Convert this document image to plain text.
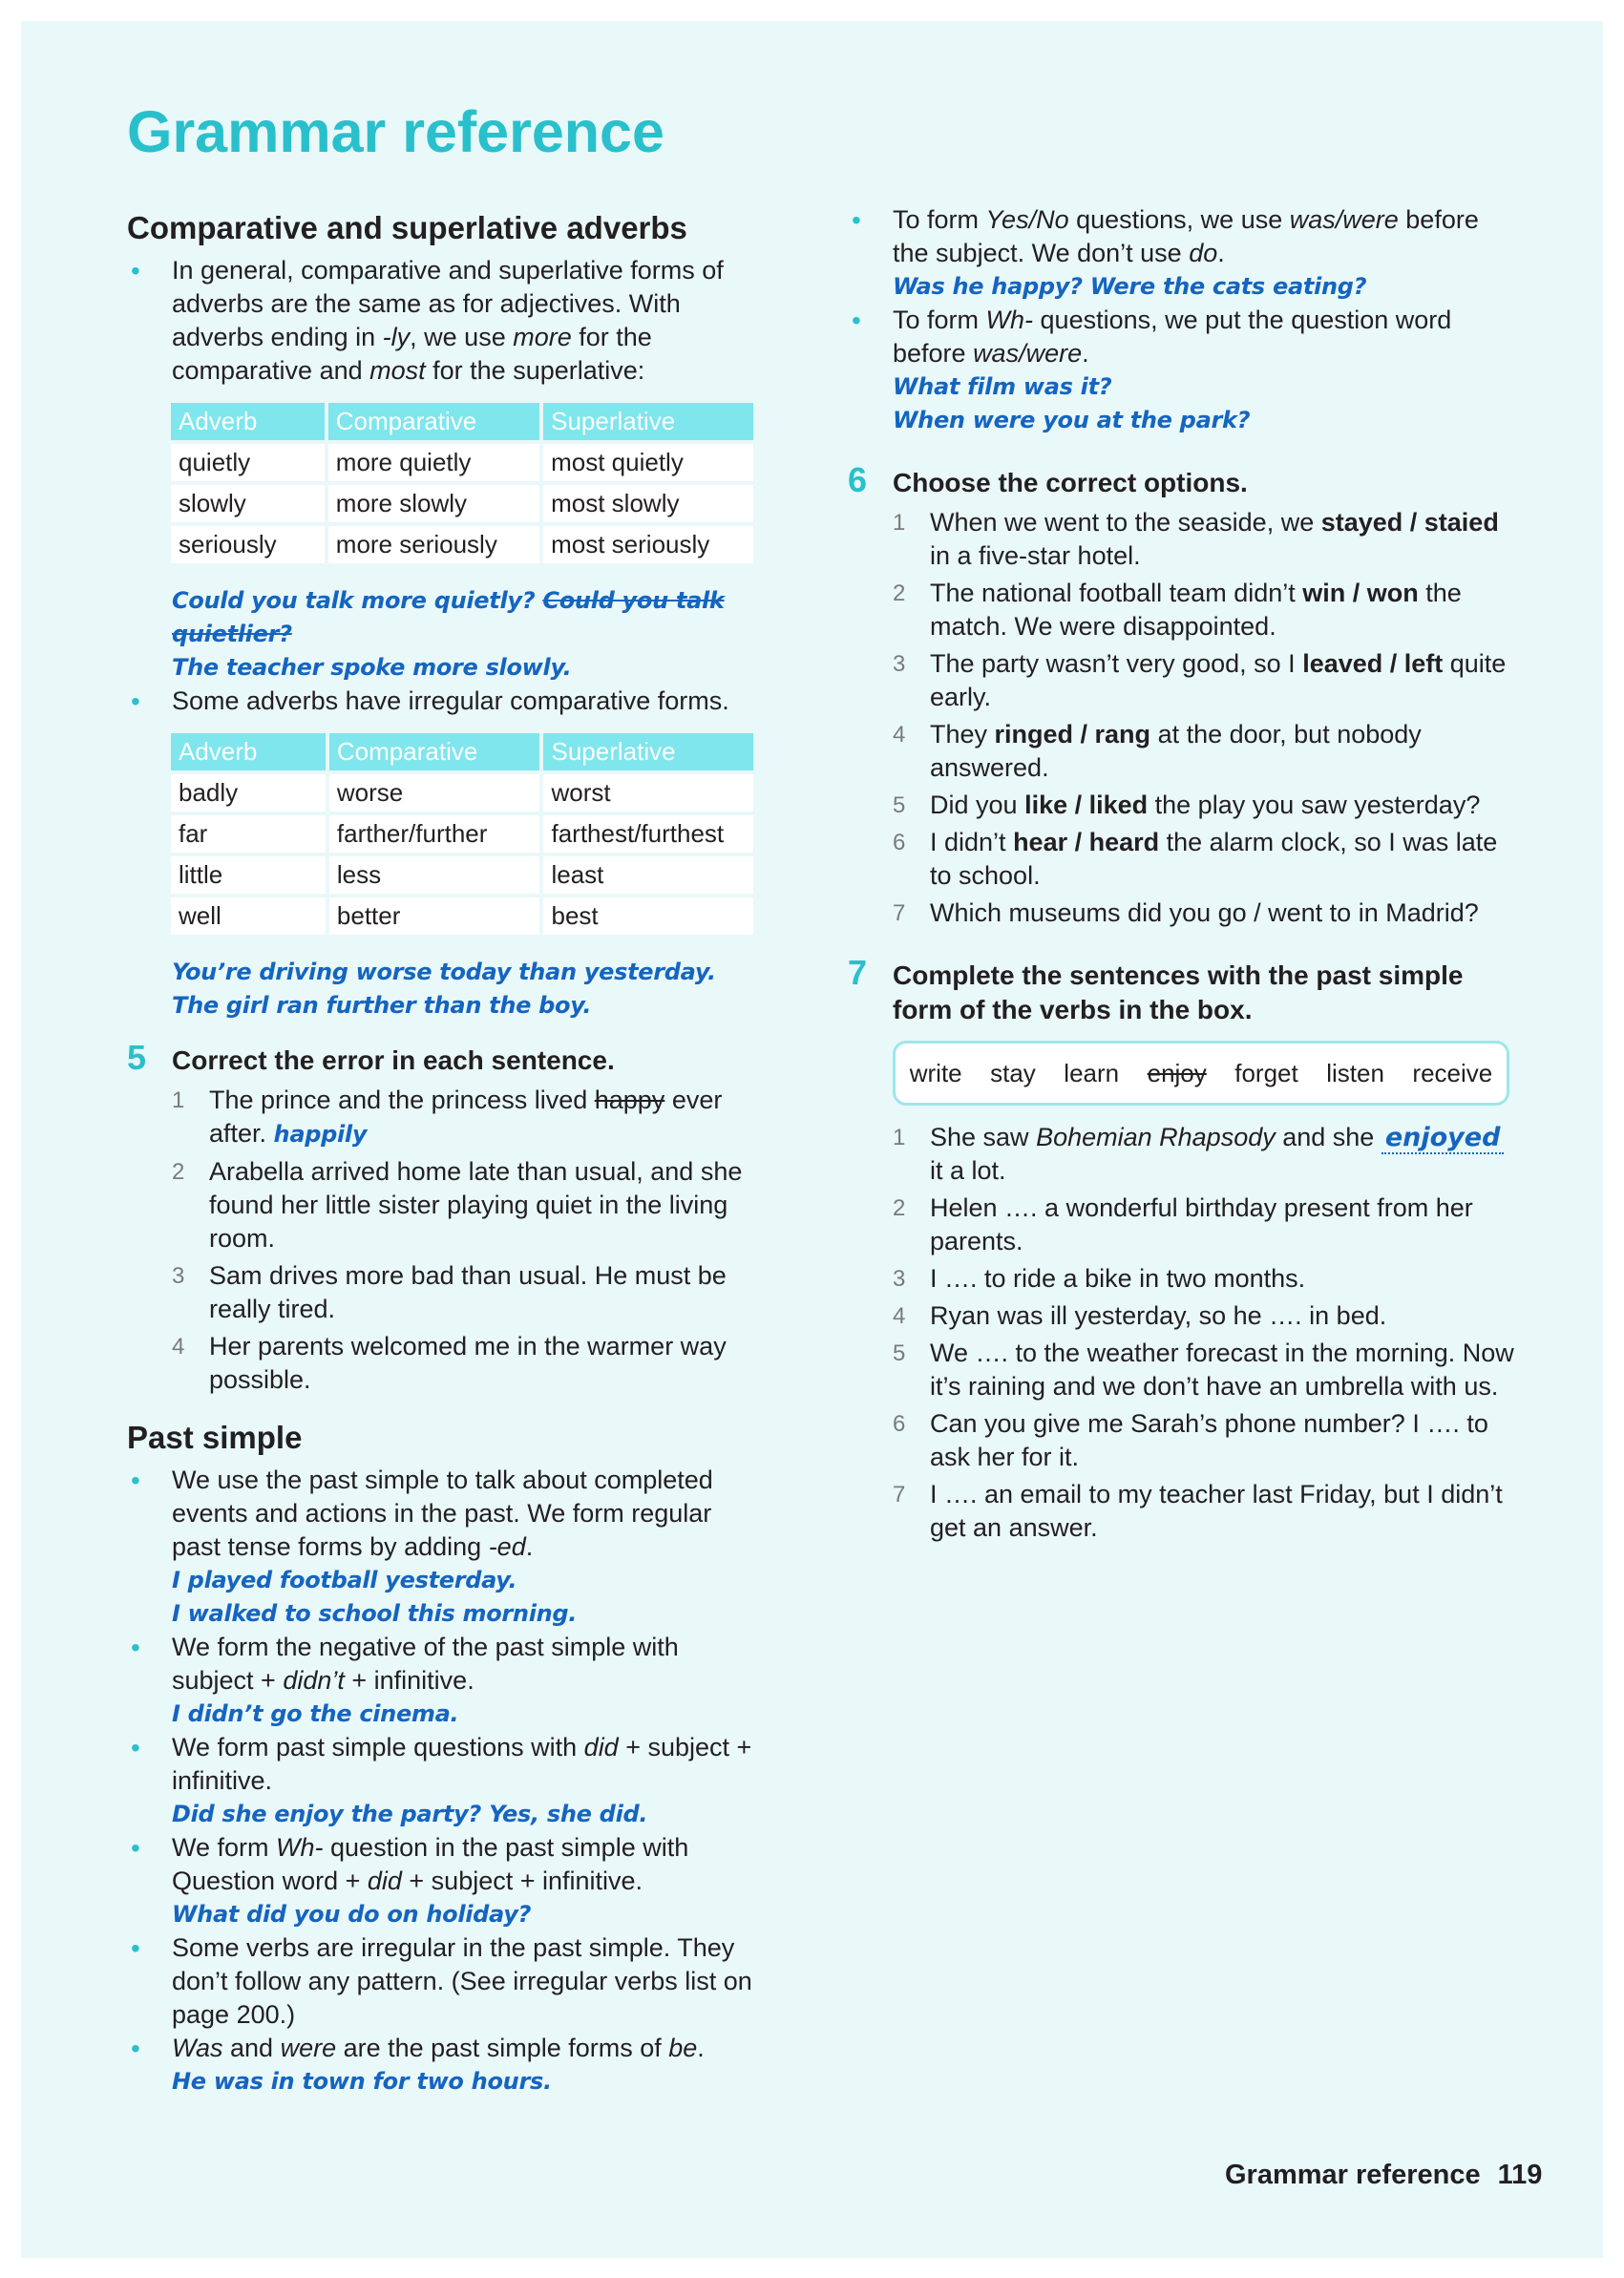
Grammar reference
Comparative and superlative adverbs
• In general, comparative and superlative forms of adverbs are the same as for adjectives. With adverbs ending in -ly, we use more for the comparative and most for the superlative:
Adverb	Comparative	Superlative
quietly	more quietly	most quietly
slowly	more slowly	most slowly
seriously	more seriously	most seriously
Could you talk more quietly? Could you talk quietlier?
The teacher spoke more slowly.
• Some adverbs have irregular comparative forms.
Adverb	Comparative	Superlative
badly	worse	worst
far	farther/further	farthest/furthest
little	less	least
well	better	best
You’re driving worse today than yesterday.
The girl ran further than the boy.
5 Correct the error in each sentence.
1 The prince and the princess lived happy ever after. happily
2 Arabella arrived home late than usual, and she found her little sister playing quiet in the living room.
3 Sam drives more bad than usual. He must be really tired.
4 Her parents welcomed me in the warmer way possible.
Past simple
• We use the past simple to talk about completed events and actions in the past. We form regular past tense forms by adding -ed.
I played football yesterday.
I walked to school this morning.
• We form the negative of the past simple with subject + didn’t + infinitive.
I didn’t go the cinema.
• We form past simple questions with did + subject + infinitive.
Did she enjoy the party? Yes, she did.
• We form Wh- question in the past simple with Question word + did + subject + infinitive.
What did you do on holiday?
• Some verbs are irregular in the past simple. They don’t follow any pattern. (See irregular verbs list on page 200.)
• Was and were are the past simple forms of be.
He was in town for two hours.
• To form Yes/No questions, we use was/were before the subject. We don’t use do.
Was he happy? Were the cats eating?
• To form Wh- questions, we put the question word before was/were.
What film was it?
When were you at the park?
6 Choose the correct options.
1 When we went to the seaside, we stayed / staied in a five-star hotel.
2 The national football team didn’t win / won the match. We were disappointed.
3 The party wasn’t very good, so I leaved / left quite early.
4 They ringed / rang at the door, but nobody answered.
5 Did you like / liked the play you saw yesterday?
6 I didn’t hear / heard the alarm clock, so I was late to school.
7 Which museums did you go / went to in Madrid?
7 Complete the sentences with the past simple form of the verbs in the box.
write stay learn enjoy forget listen receive
1 She saw Bohemian Rhapsody and she enjoyed it a lot.
2 Helen …. a wonderful birthday present from her parents.
3 I …. to ride a bike in two months.
4 Ryan was ill yesterday, so he …. in bed.
5 We …. to the weather forecast in the morning. Now it’s raining and we don’t have an umbrella with us.
6 Can you give me Sarah’s phone number? I …. to ask her for it.
7 I …. an email to my teacher last Friday, but I didn’t get an answer.
Grammar reference 119
